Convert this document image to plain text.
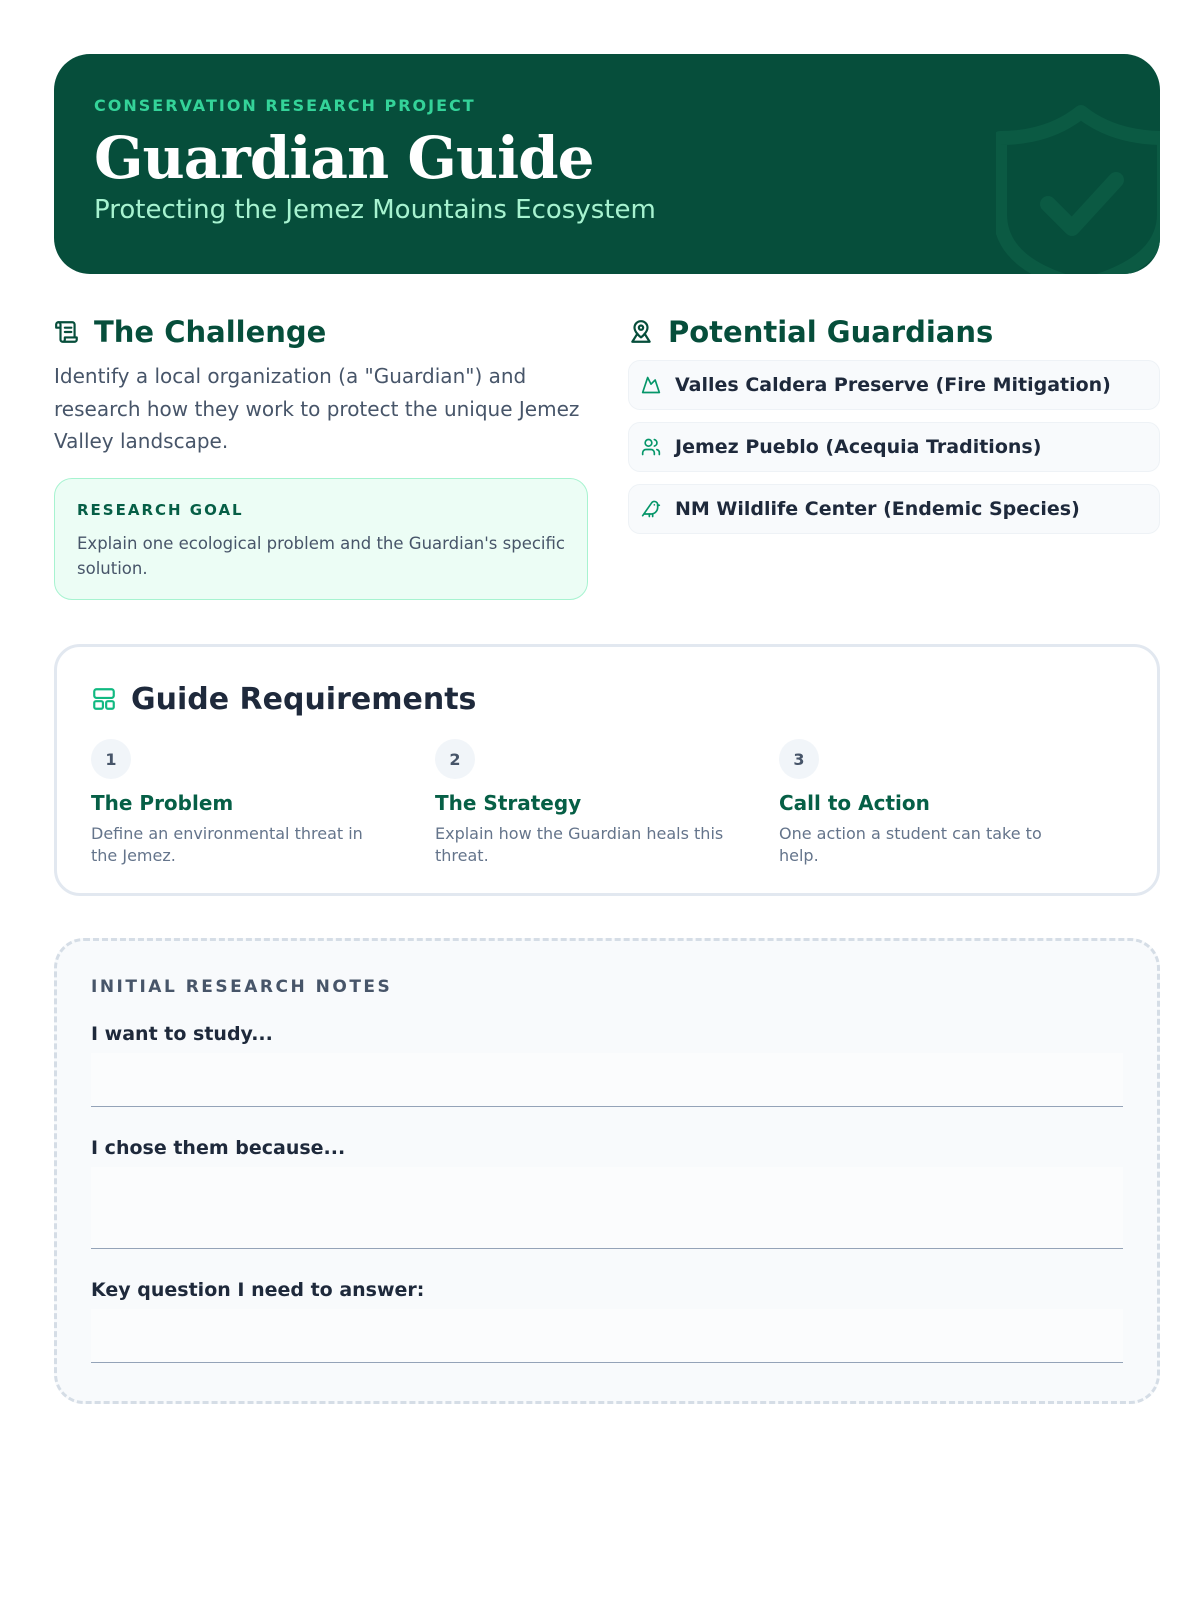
CONSERVATION RESEARCH PROJECT
Guardian Guide
Protecting the Jemez Mountains Ecosystem
The Challenge

Identify a local organization (a "Guardian") and research how they work to protect the unique Jemez Valley landscape.

RESEARCH GOAL
Explain one ecological problem and the Guardian's specific solution.
Potential Guardians
Valles Caldera Preserve (Fire Mitigation)
Jemez Pueblo (Acequia Traditions)
NM Wildlife Center (Endemic Species)
Guide Requirements
1
The Problem
Define an environmental threat in the Jemez.
2
The Strategy
Explain how the Guardian heals this threat.
3
Call to Action
One action a student can take to help.
INITIAL RESEARCH NOTES
I want to study...
I chose them because...
Key question I need to answer:
